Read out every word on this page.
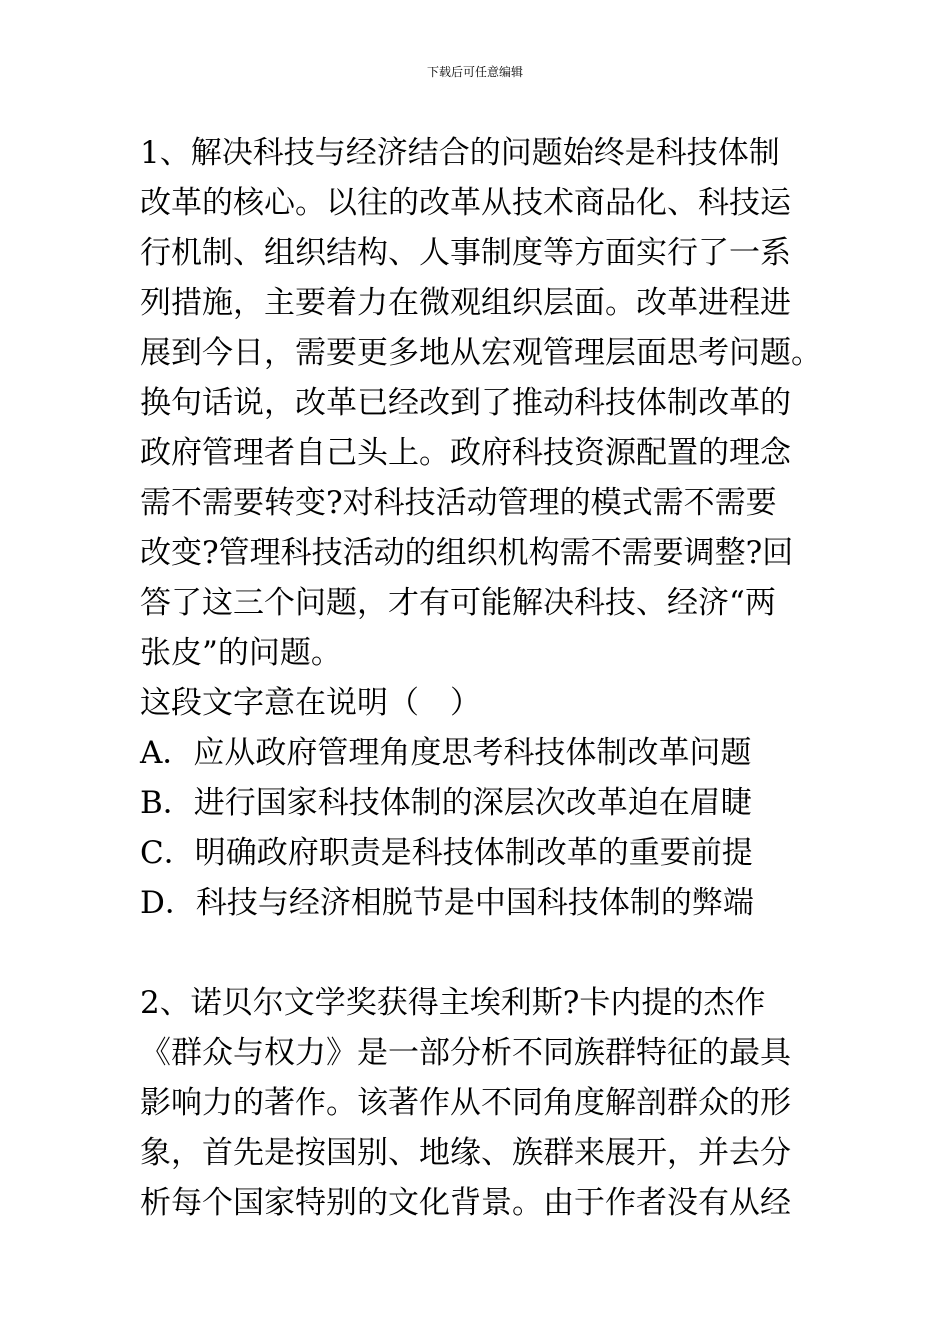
下载后可任意编辑
1、解决科技与经济结合的问题始终是科技体制
改革的核心。以往的改革从技术商品化、科技运
行机制、组织结构、人事制度等方面实行了一系
列措施，主要着力在微观组织层面。改革进程进
展到今日，需要更多地从宏观管理层面思考问题。
换句话说，改革已经改到了推动科技体制改革的
政府管理者自己头上。政府科技资源配置的理念
需不需要转变?对科技活动管理的模式需不需要
改变?管理科技活动的组织机构需不需要调整?回
答了这三个问题，才有可能解决科技、经济“两
张皮”的问题。
这段文字意在说明（　）
A．应从政府管理角度思考科技体制改革问题
B．进行国家科技体制的深层次改革迫在眉睫
C．明确政府职责是科技体制改革的重要前提
D．科技与经济相脱节是中国科技体制的弊端
2、诺贝尔文学奖获得主埃利斯?卡内提的杰作
《群众与权力》是一部分析不同族群特征的最具
影响力的著作。该著作从不同角度解剖群众的形
象，首先是按国别、地缘、族群来展开，并去分
析每个国家特别的文化背景。由于作者没有从经
